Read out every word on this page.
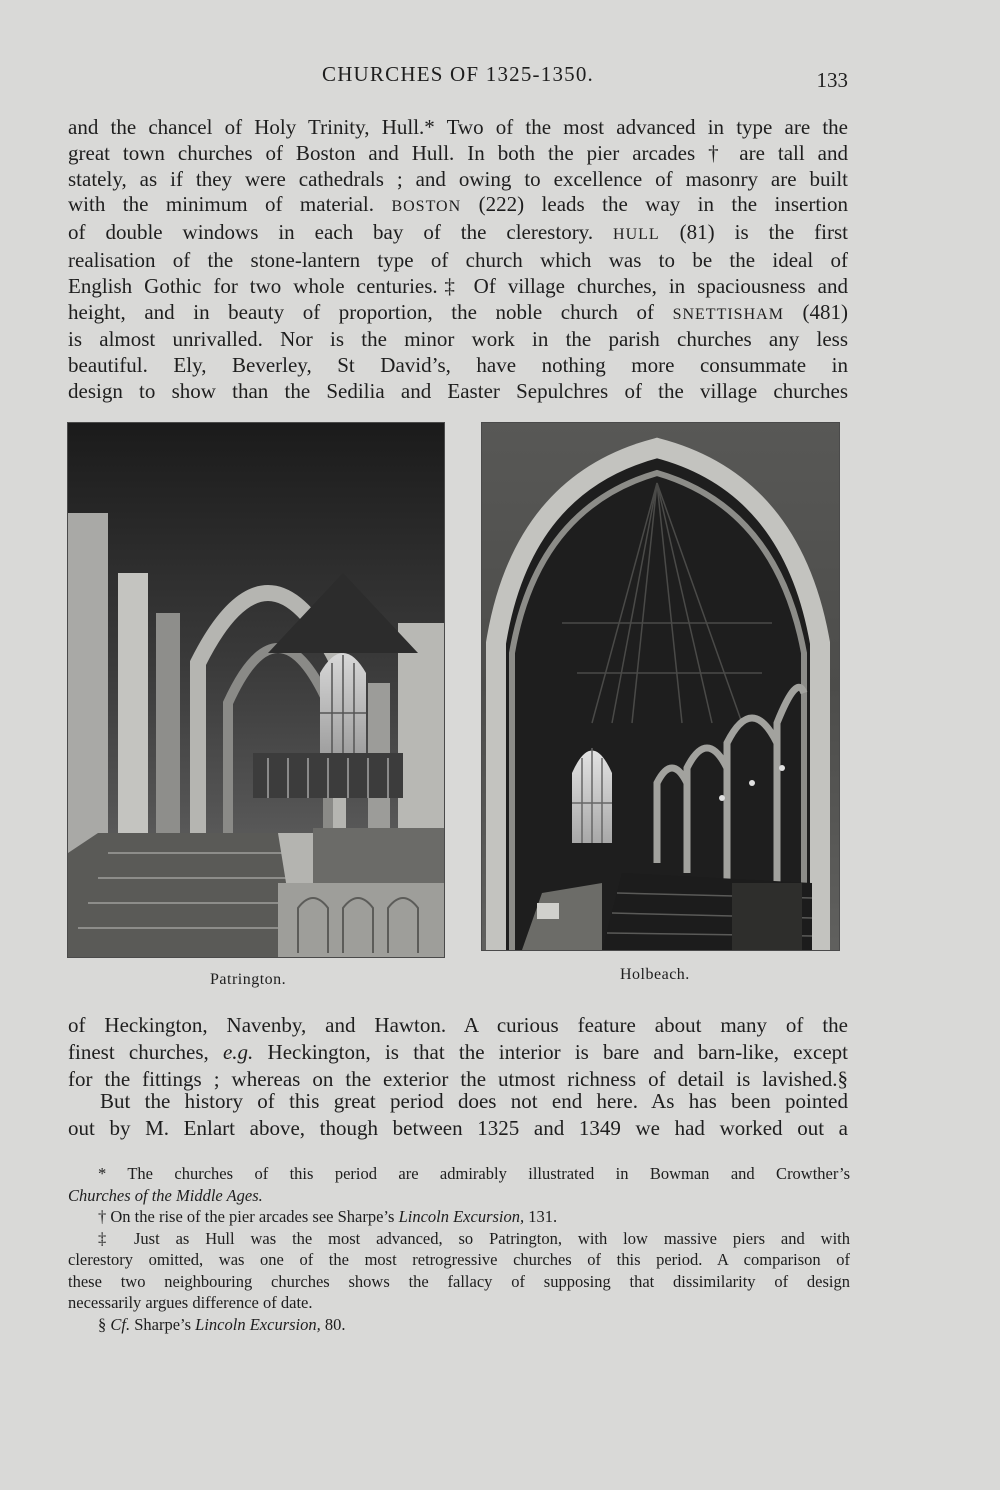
CHURCHES OF 1325-1350.	133
and the chancel of Holy Trinity, Hull.* Two of the most advanced in type are the
great town churches of Boston and Hull. In both the pier arcades † are tall and
stately, as if they were cathedrals ; and owing to excellence of masonry are built
with the minimum of material. BOSTON (222) leads the way in the insertion
of double windows in each bay of the clerestory. HULL (81) is the first
realisation of the stone-lantern type of church which was to be the ideal of
English Gothic for two whole centuries.‡ Of village churches, in spaciousness and
height, and in beauty of proportion, the noble church of SNETTISHAM (481)
is almost unrivalled. Nor is the minor work in the parish churches any less
beautiful. Ely, Beverley, St David’s, have nothing more consummate in
design to show than the Sedilia and Easter Sepulchres of the village churches
Patrington.	Holbeach.
of Heckington, Navenby, and Hawton. A curious feature about many of the
finest churches, e.g. Heckington, is that the interior is bare and barn-like, except
for the fittings ; whereas on the exterior the utmost richness of detail is lavished.§
But the history of this great period does not end here. As has been pointed
out by M. Enlart above, though between 1325 and 1349 we had worked out a
* The churches of this period are admirably illustrated in Bowman and Crowther’s
Churches of the Middle Ages.
† On the rise of the pier arcades see Sharpe’s Lincoln Excursion, 131.
‡ Just as Hull was the most advanced, so Patrington, with low massive piers and with
clerestory omitted, was one of the most retrogressive churches of this period. A comparison of
these two neighbouring churches shows the fallacy of supposing that dissimilarity of design
necessarily argues difference of date.
§ Cf. Sharpe’s Lincoln Excursion, 80.
